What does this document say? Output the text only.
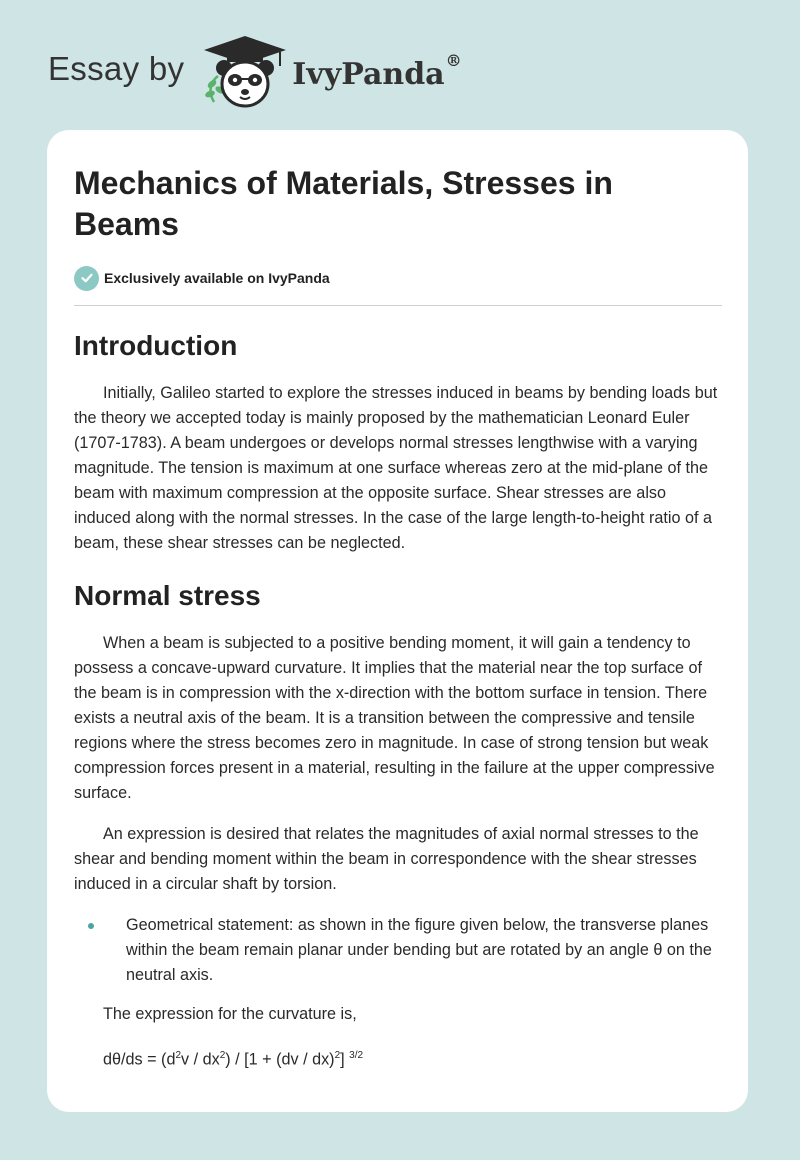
Essay by	IvyPanda®
Mechanics of Materials, Stresses in Beams
Exclusively available on IvyPanda
Introduction

Initially, Galileo started to explore the stresses induced in beams by bending loads but the theory we accepted today is mainly proposed by the mathematician Leonard Euler (1707-1783). A beam undergoes or develops normal stresses lengthwise with a varying magnitude. The tension is maximum at one surface whereas zero at the mid-plane of the beam with maximum compression at the opposite surface. Shear stresses are also induced along with the normal stresses. In the case of the large length-to-height ratio of a beam, these shear stresses can be neglected.

Normal stress

When a beam is subjected to a positive bending moment, it will gain a tendency to possess a concave-upward curvature. It implies that the material near the top surface of the beam is in compression with the x-direction with the bottom surface in tension. There exists a neutral axis of the beam. It is a transition between the compressive and tensile regions where the stress becomes zero in magnitude. In case of strong tension but weak compression forces present in a material, resulting in the failure at the upper compressive surface.

An expression is desired that relates the magnitudes of axial normal stresses to the shear and bending moment within the beam in correspondence with the shear stresses induced in a circular shaft by torsion.

Geometrical statement: as shown in the figure given below, the transverse planes within the beam remain planar under bending but are rotated by an angle θ on the neutral axis.

The expression for the curvature is,

$d\theta/ds = (d^2v / dx^2) / [1 + (dv / dx)^2]$ $^{3/2}$
